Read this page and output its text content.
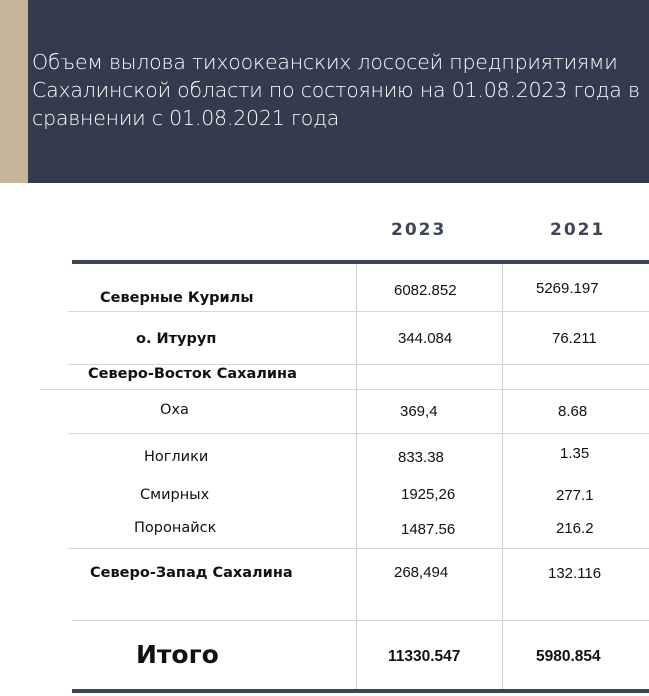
Объем вылова тихоокеанских лососей предприятиями Сахалинской области по состоянию на 01.08.2023 года в сравнении с 01.08.2021 года
2023	2021
Северные Курилы	6082.852	5269.197
о. Итуруп	344.084	76.211
Северо-Восток Сахалина
Оха	369,4	8.68
Ноглики	833.38	1.35
Смирных	1925,26	277.1
Поронайск	1487.56	216.2
Северо-Запад Сахалина	268,494	132.116
Итого	11330.547	5980.854
